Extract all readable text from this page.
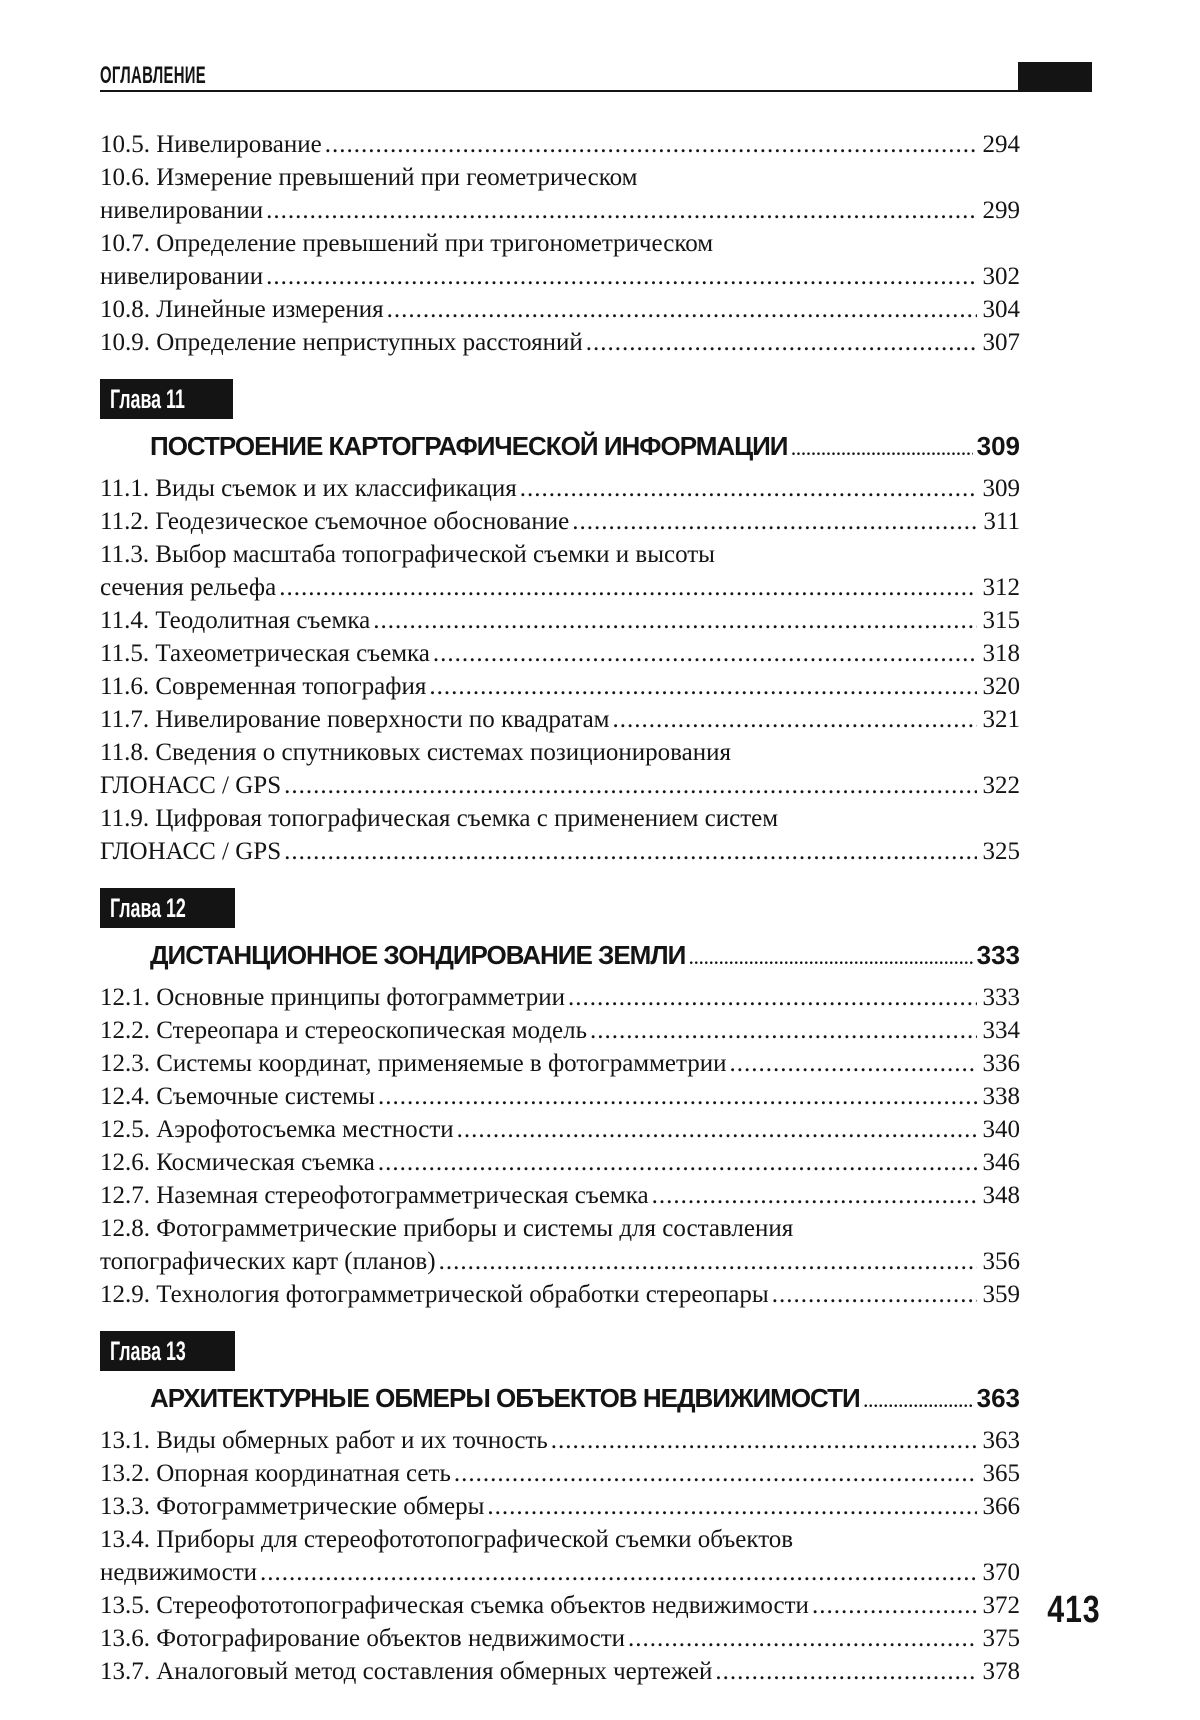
ОГЛАВЛЕНИЕ
10.5. Нивелирование .....	294
10.6. Измерение превышений при геометрическом
нивелировании .....	299
10.7. Определение превышений при тригонометрическом
нивелировании .....	302
10.8. Линейные измерения .....	304
10.9. Определение неприступных расстояний .....	307
Глава 11
ПОСТРОЕНИЕ КАРТОГРАФИЧЕСКОЙ ИНФОРМАЦИИ .....	309
11.1. Виды съемок и их классификация .....	309
11.2. Геодезическое съемочное обоснование .....	311
11.3. Выбор масштаба топографической съемки и высоты
сечения рельефа .....	312
11.4. Теодолитная съемка .....	315
11.5. Тахеометрическая съемка .....	318
11.6. Современная топография .....	320
11.7. Нивелирование поверхности по квадратам .....	321
11.8. Сведения о спутниковых системах позиционирования
ГЛОНАСС / GPS .....	322
11.9. Цифровая топографическая съемка с применением систем
ГЛОНАСС / GPS .....	325
Глава 12
ДИСТАНЦИОННОЕ ЗОНДИРОВАНИЕ ЗЕМЛИ .....	333
12.1. Основные принципы фотограмметрии .....	333
12.2. Стереопара и стереоскопическая модель .....	334
12.3. Системы координат, применяемые в фотограмметрии .....	336
12.4. Съемочные системы .....	338
12.5. Аэрофотосъемка местности .....	340
12.6. Космическая съемка .....	346
12.7. Наземная стереофотограмметрическая съемка .....	348
12.8. Фотограмметрические приборы и системы для составления
топографических карт (планов) .....	356
12.9. Технология фотограмметрической обработки стереопары .....	359
Глава 13
АРХИТЕКТУРНЫЕ ОБМЕРЫ ОБЪЕКТОВ НЕДВИЖИМОСТИ .....	363
13.1. Виды обмерных работ и их точность .....	363
13.2. Опорная координатная сеть .....	365
13.3. Фотограмметрические обмеры .....	366
13.4. Приборы для стереофототопографической съемки объектов
недвижимости .....	370
13.5. Стереофототопографическая съемка объектов недвижимости .....	372
13.6. Фотографирование объектов недвижимости .....	375
13.7. Аналоговый метод составления обмерных чертежей .....	378
413
